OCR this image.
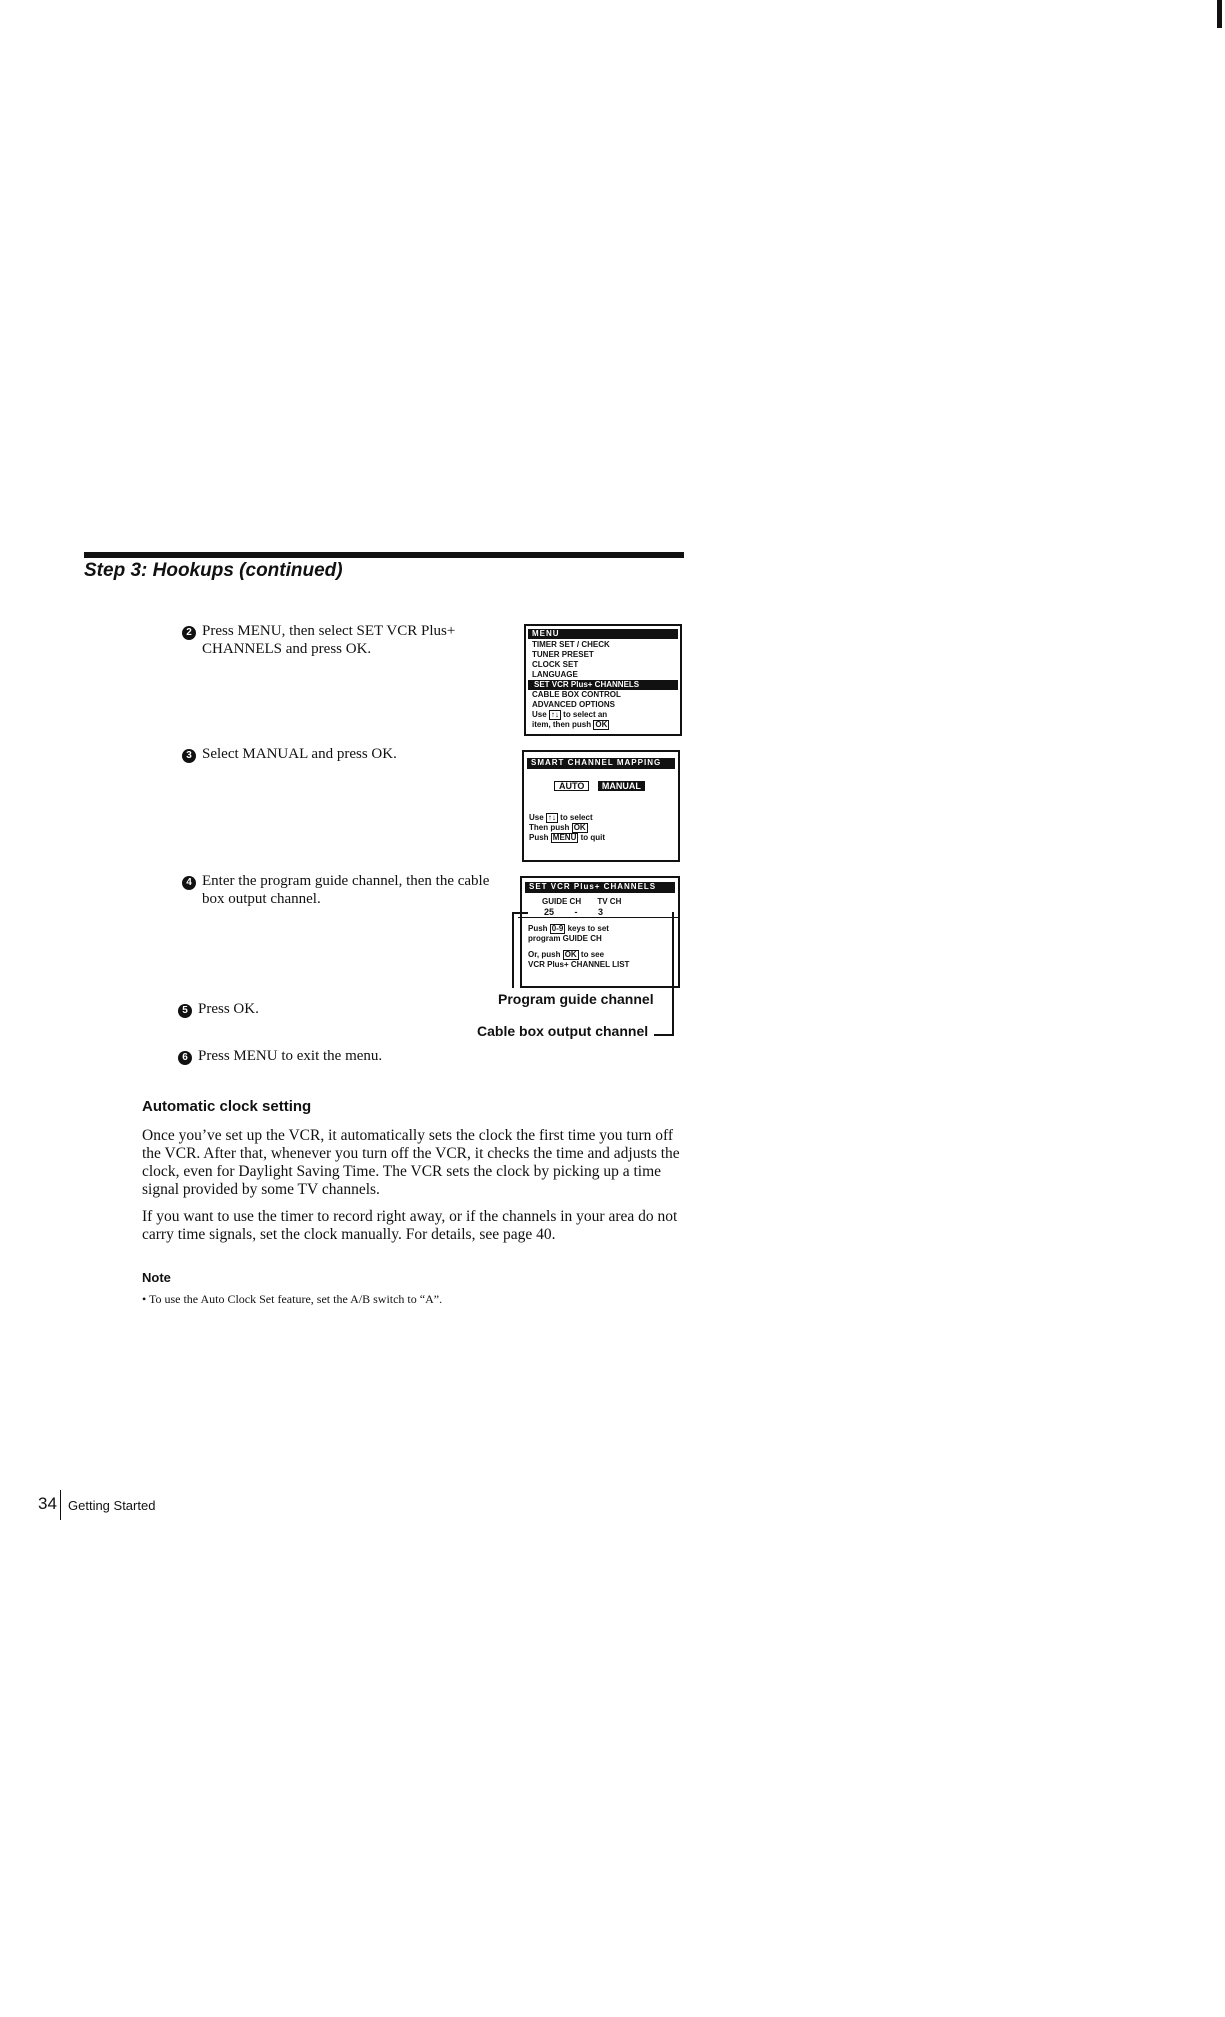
Step 3: Hookups (continued)
2 Press MENU, then select SET VCR Plus+
CHANNELS and press OK.
3 Select MANUAL and press OK.
4 Enter the program guide channel, then the cable
box output channel.
5 Press OK.
6 Press MENU to exit the menu.
MENU
TIMER SET / CHECK
TUNER PRESET
CLOCK SET
LANGUAGE
SET VCR Plus+ CHANNELS
CABLE BOX CONTROL
ADVANCED OPTIONS
Use ↑↓ to select an
item, then push OK
SMART CHANNEL MAPPING
AUTO MANUAL
Use ↑↓ to select
Then push OK
Push MENU to quit
SET VCR Plus+ CHANNELS
GUIDE CH TV CH
25 - 3
Push 0-9 keys to set
program GUIDE CH
Or, push OK to see
VCR Plus+ CHANNEL LIST
Program guide channel
Cable box output channel
Automatic clock setting
Once you’ve set up the VCR, it automatically sets the clock the first time you turn off the VCR. After that, whenever you turn off the VCR, it checks the time and adjusts the clock, even for Daylight Saving Time. The VCR sets the clock by picking up a time signal provided by some TV channels.
If you want to use the timer to record right away, or if the channels in your area do not carry time signals, set the clock manually. For details, see page 40.
Note
• To use the Auto Clock Set feature, set the A/B switch to “A”.
34 Getting Started
